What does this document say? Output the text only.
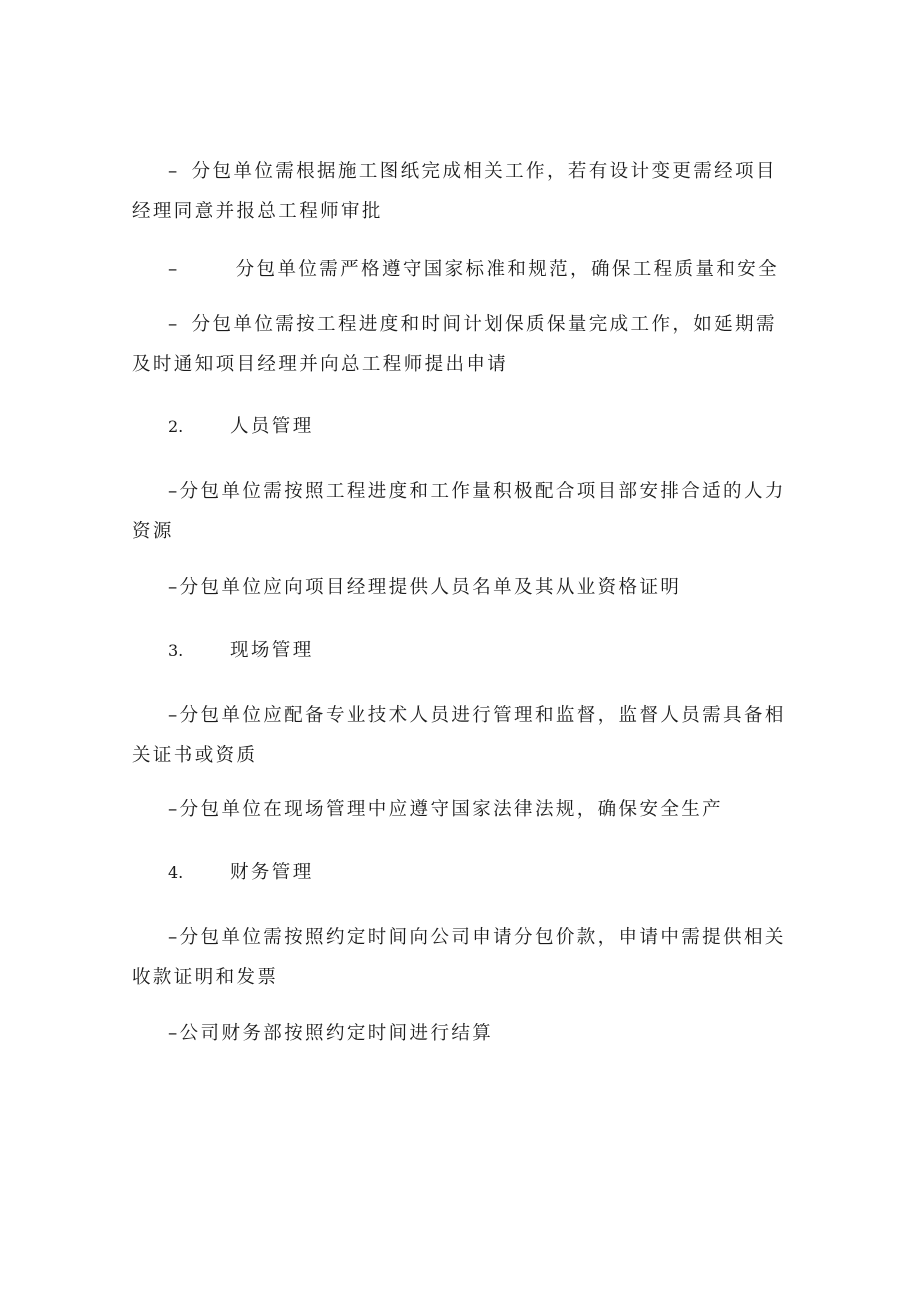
– 分包单位需根据施工图纸完成相关工作，若有设计变更需经项目经理同意并报总工程师审批

–	分包单位需严格遵守国家标准和规范，确保工程质量和安全

– 分包单位需按工程进度和时间计划保质保量完成工作，如延期需及时通知项目经理并向总工程师提出申请

2.	人员管理

–分包单位需按照工程进度和工作量积极配合项目部安排合适的人力资源

–分包单位应向项目经理提供人员名单及其从业资格证明

3.	现场管理

–分包单位应配备专业技术人员进行管理和监督，监督人员需具备相关证书或资质

–分包单位在现场管理中应遵守国家法律法规，确保安全生产

4.	财务管理

–分包单位需按照约定时间向公司申请分包价款，申请中需提供相关收款证明和发票

–公司财务部按照约定时间进行结算
